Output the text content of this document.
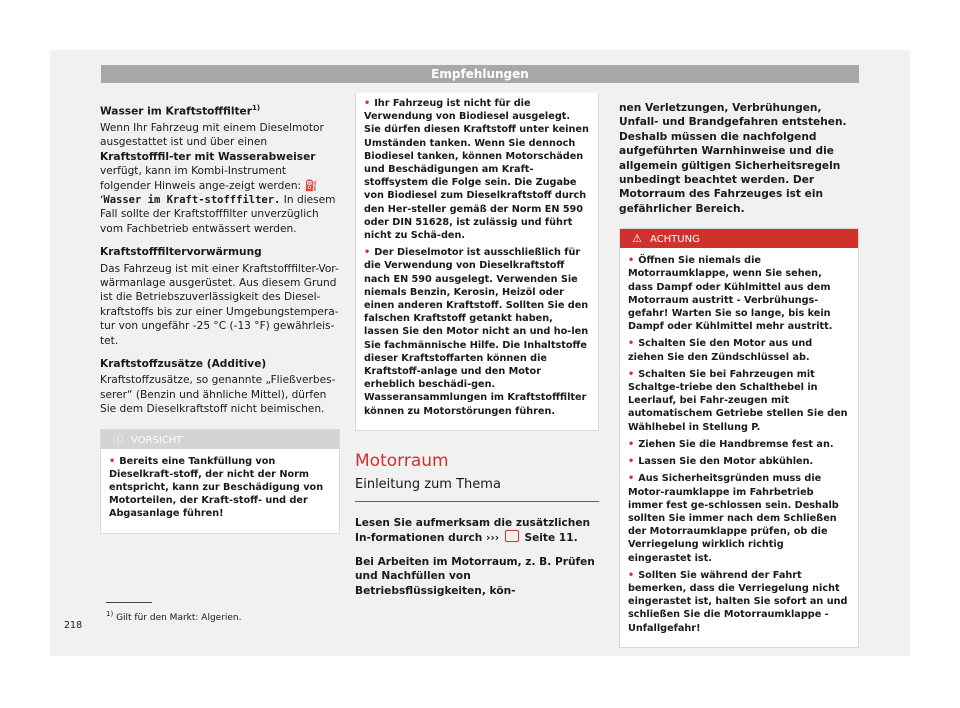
Empfehlungen

Wasser im Kraftstofffilter$^{1)}$

Wenn Ihr Fahrzeug mit einem Dieselmotor ausgestattet ist und über einen Kraftstofffil-ter mit Wasserabweiser verfügt, kann im Kombi-Instrument folgender Hinweis ange-zeigt werden: ⛽ʻWasser im Kraft-stofffilter. In diesem Fall sollte der Kraftstofffilter unverzüglich vom Fachbetrieb entwässert werden.

Kraftstofffiltervorwärmung

Das Fahrzeug ist mit einer Kraftstofffilter-Vor-wärmanlage ausgerüstet. Aus diesem Grund ist die Betriebszuverlässigkeit des Diesel-kraftstoffs bis zur einer Umgebungstempera-tur von ungefähr -25 °C (-13 °F) gewährleis-tet.

Kraftstoffzusätze (Additive)

Kraftstoffzusätze, so genannte „Fließverbes-serer“ (Benzin und ähnliche Mittel), dürfen Sie dem Dieselkraftstoff nicht beimischen.

ⓘ VORSICHT
• Bereits eine Tankfüllung von Dieselkraft-stoff, der nicht der Norm entspricht, kann zur Beschädigung von Motorteilen, der Kraft-stoff- und der Abgasanlage führen!
• Ihr Fahrzeug ist nicht für die Verwendung von Biodiesel ausgelegt. Sie dürfen diesen Kraftstoff unter keinen Umständen tanken. Wenn Sie dennoch Biodiesel tanken, können Motorschäden und Beschädigungen am Kraft-stoffsystem die Folge sein. Die Zugabe von Biodiesel zum Dieselkraftstoff durch den Her-steller gemäß der Norm EN 590 oder DIN 51628, ist zulässig und führt nicht zu Schä-den.
• Der Dieselmotor ist ausschließlich für die Verwendung von Dieselkraftstoff nach EN 590 ausgelegt. Verwenden Sie niemals Benzin, Kerosin, Heizöl oder einen anderen Kraftstoff. Sollten Sie den falschen Kraftstoff getankt haben, lassen Sie den Motor nicht an und ho-len Sie fachmännische Hilfe. Die Inhaltstoffe dieser Kraftstoffarten können die Kraftstoff-anlage und den Motor erheblich beschädi-gen. Wasseransammlungen im Kraftstofffilter können zu Motorstörungen führen.
Motorraum
Einleitung zum Thema

Lesen Sie aufmerksam die zusätzlichen In-formationen durch ›››  Seite 11.

Bei Arbeiten im Motorraum, z. B. Prüfen und Nachfüllen von Betriebsflüssigkeiten, kön-

nen Verletzungen, Verbrühungen, Unfall- und Brandgefahren entstehen. Deshalb müssen die nachfolgend aufgeführten Warnhinweise und die allgemein gültigen Sicherheitsregeln unbedingt beachtet werden. Der Motorraum des Fahrzeuges ist ein gefährlicher Bereich.

⚠ ACHTUNG
• Öffnen Sie niemals die Motorraumklappe, wenn Sie sehen, dass Dampf oder Kühlmittel aus dem Motorraum austritt - Verbrühungs-gefahr! Warten Sie so lange, bis kein Dampf oder Kühlmittel mehr austritt.
• Schalten Sie den Motor aus und ziehen Sie den Zündschlüssel ab.
• Schalten Sie bei Fahrzeugen mit Schaltge-triebe den Schalthebel in Leerlauf, bei Fahr-zeugen mit automatischem Getriebe stellen Sie den Wählhebel in Stellung P.
• Ziehen Sie die Handbremse fest an.
• Lassen Sie den Motor abkühlen.
• Aus Sicherheitsgründen muss die Motor-raumklappe im Fahrbetrieb immer fest ge-schlossen sein. Deshalb sollten Sie immer nach dem Schließen der Motorraumklappe prüfen, ob die Verriegelung wirklich richtig eingerastet ist.
• Sollten Sie während der Fahrt bemerken, dass die Verriegelung nicht eingerastet ist, halten Sie sofort an und schließen Sie die Motorraumklappe - Unfallgefahr!
$^{1)}$ Gilt für den Markt: Algerien.
218
